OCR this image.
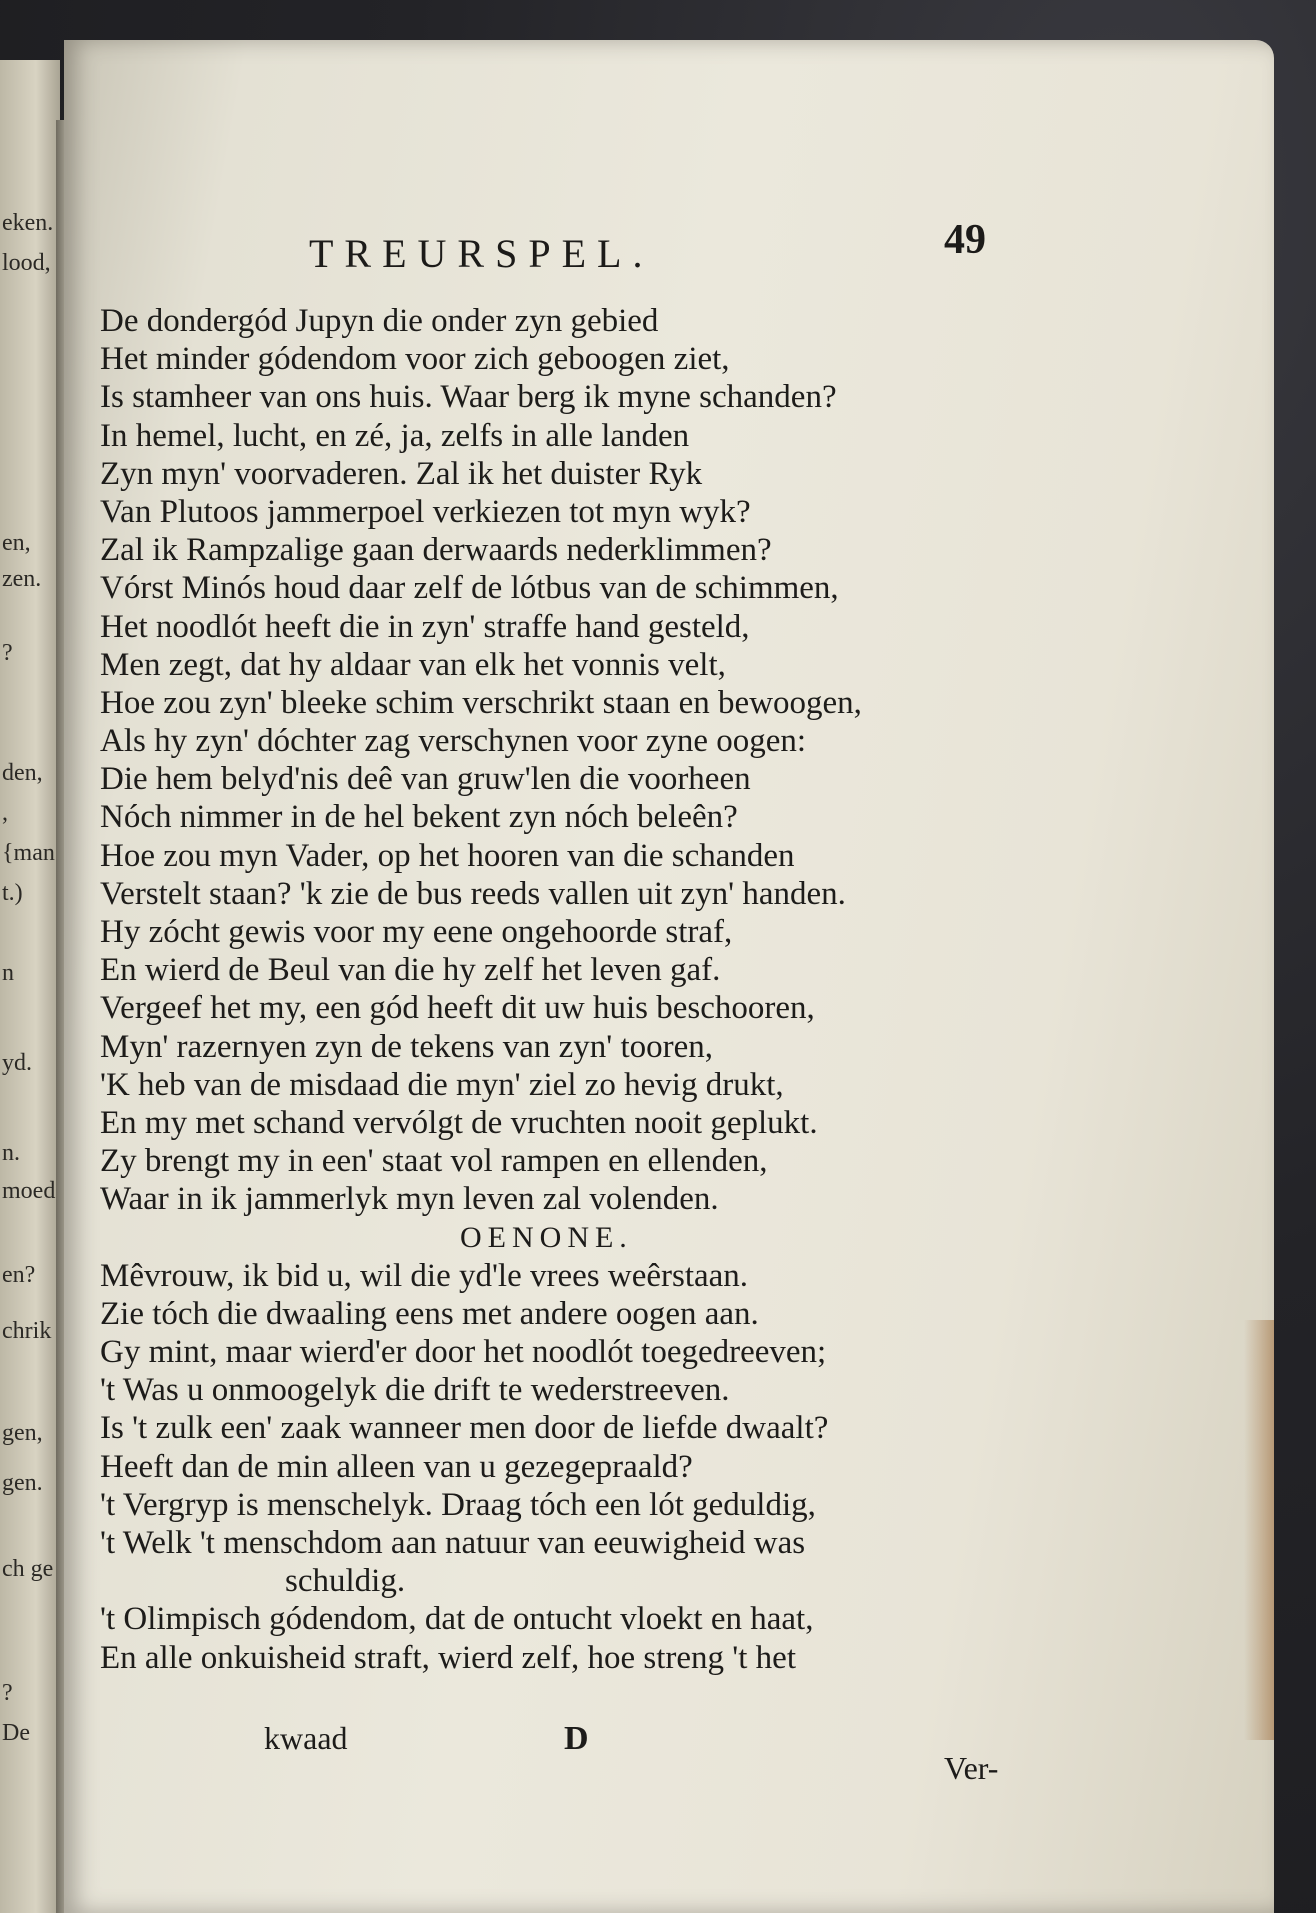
eken.
lood,
en,
zen.
?
den,
,
{man
t.)
n
yd.
n.
moed
en?
chrik
gen,
gen.
ch ge
?
De
TREURSPEL.	49
De dondergód Jupyn die onder zyn gebied
Het minder gódendom voor zich geboogen ziet,
Is stamheer van ons huis. Waar berg ik myne schanden?
In hemel, lucht, en zé, ja, zelfs in alle landen
Zyn myn' voorvaderen. Zal ik het duister Ryk
Van Plutoos jammerpoel verkiezen tot myn wyk?
Zal ik Rampzalige gaan derwaards nederklimmen?
Vórst Minós houd daar zelf de lótbus van de schimmen,
Het noodlót heeft die in zyn' straffe hand gesteld,
Men zegt, dat hy aldaar van elk het vonnis velt,
Hoe zou zyn' bleeke schim verschrikt staan en bewoogen,
Als hy zyn' dóchter zag verschynen voor zyne oogen:
Die hem belyd'nis deê van gruw'len die voorheen
Nóch nimmer in de hel bekent zyn nóch beleên?
Hoe zou myn Vader, op het hooren van die schanden
Verstelt staan? 'k zie de bus reeds vallen uit zyn' handen.
Hy zócht gewis voor my eene ongehoorde straf,
En wierd de Beul van die hy zelf het leven gaf.
Vergeef het my, een gód heeft dit uw huis beschooren,
Myn' razernyen zyn de tekens van zyn' tooren,
'K heb van de misdaad die myn' ziel zo hevig drukt,
En my met schand vervólgt de vruchten nooit geplukt.
Zy brengt my in een' staat vol rampen en ellenden,
Waar in ik jammerlyk myn leven zal volenden.
OENONE.
Mêvrouw, ik bid u, wil die yd'le vrees weêrstaan.
Zie tóch die dwaaling eens met andere oogen aan.
Gy mint, maar wierd'er door het noodlót toegedreeven;
't Was u onmoogelyk die drift te wederstreeven.
Is 't zulk een' zaak wanneer men door de liefde dwaalt?
Heeft dan de min alleen van u gezegepraald?
't Vergryp is menschelyk. Draag tóch een lót geduldig,
't Welk 't menschdom aan natuur van eeuwigheid was
schuldig.
't Olimpisch gódendom, dat de ontucht vloekt en haat,
En alle onkuisheid straft, wierd zelf, hoe streng 't het
kwaad	D
Ver-
